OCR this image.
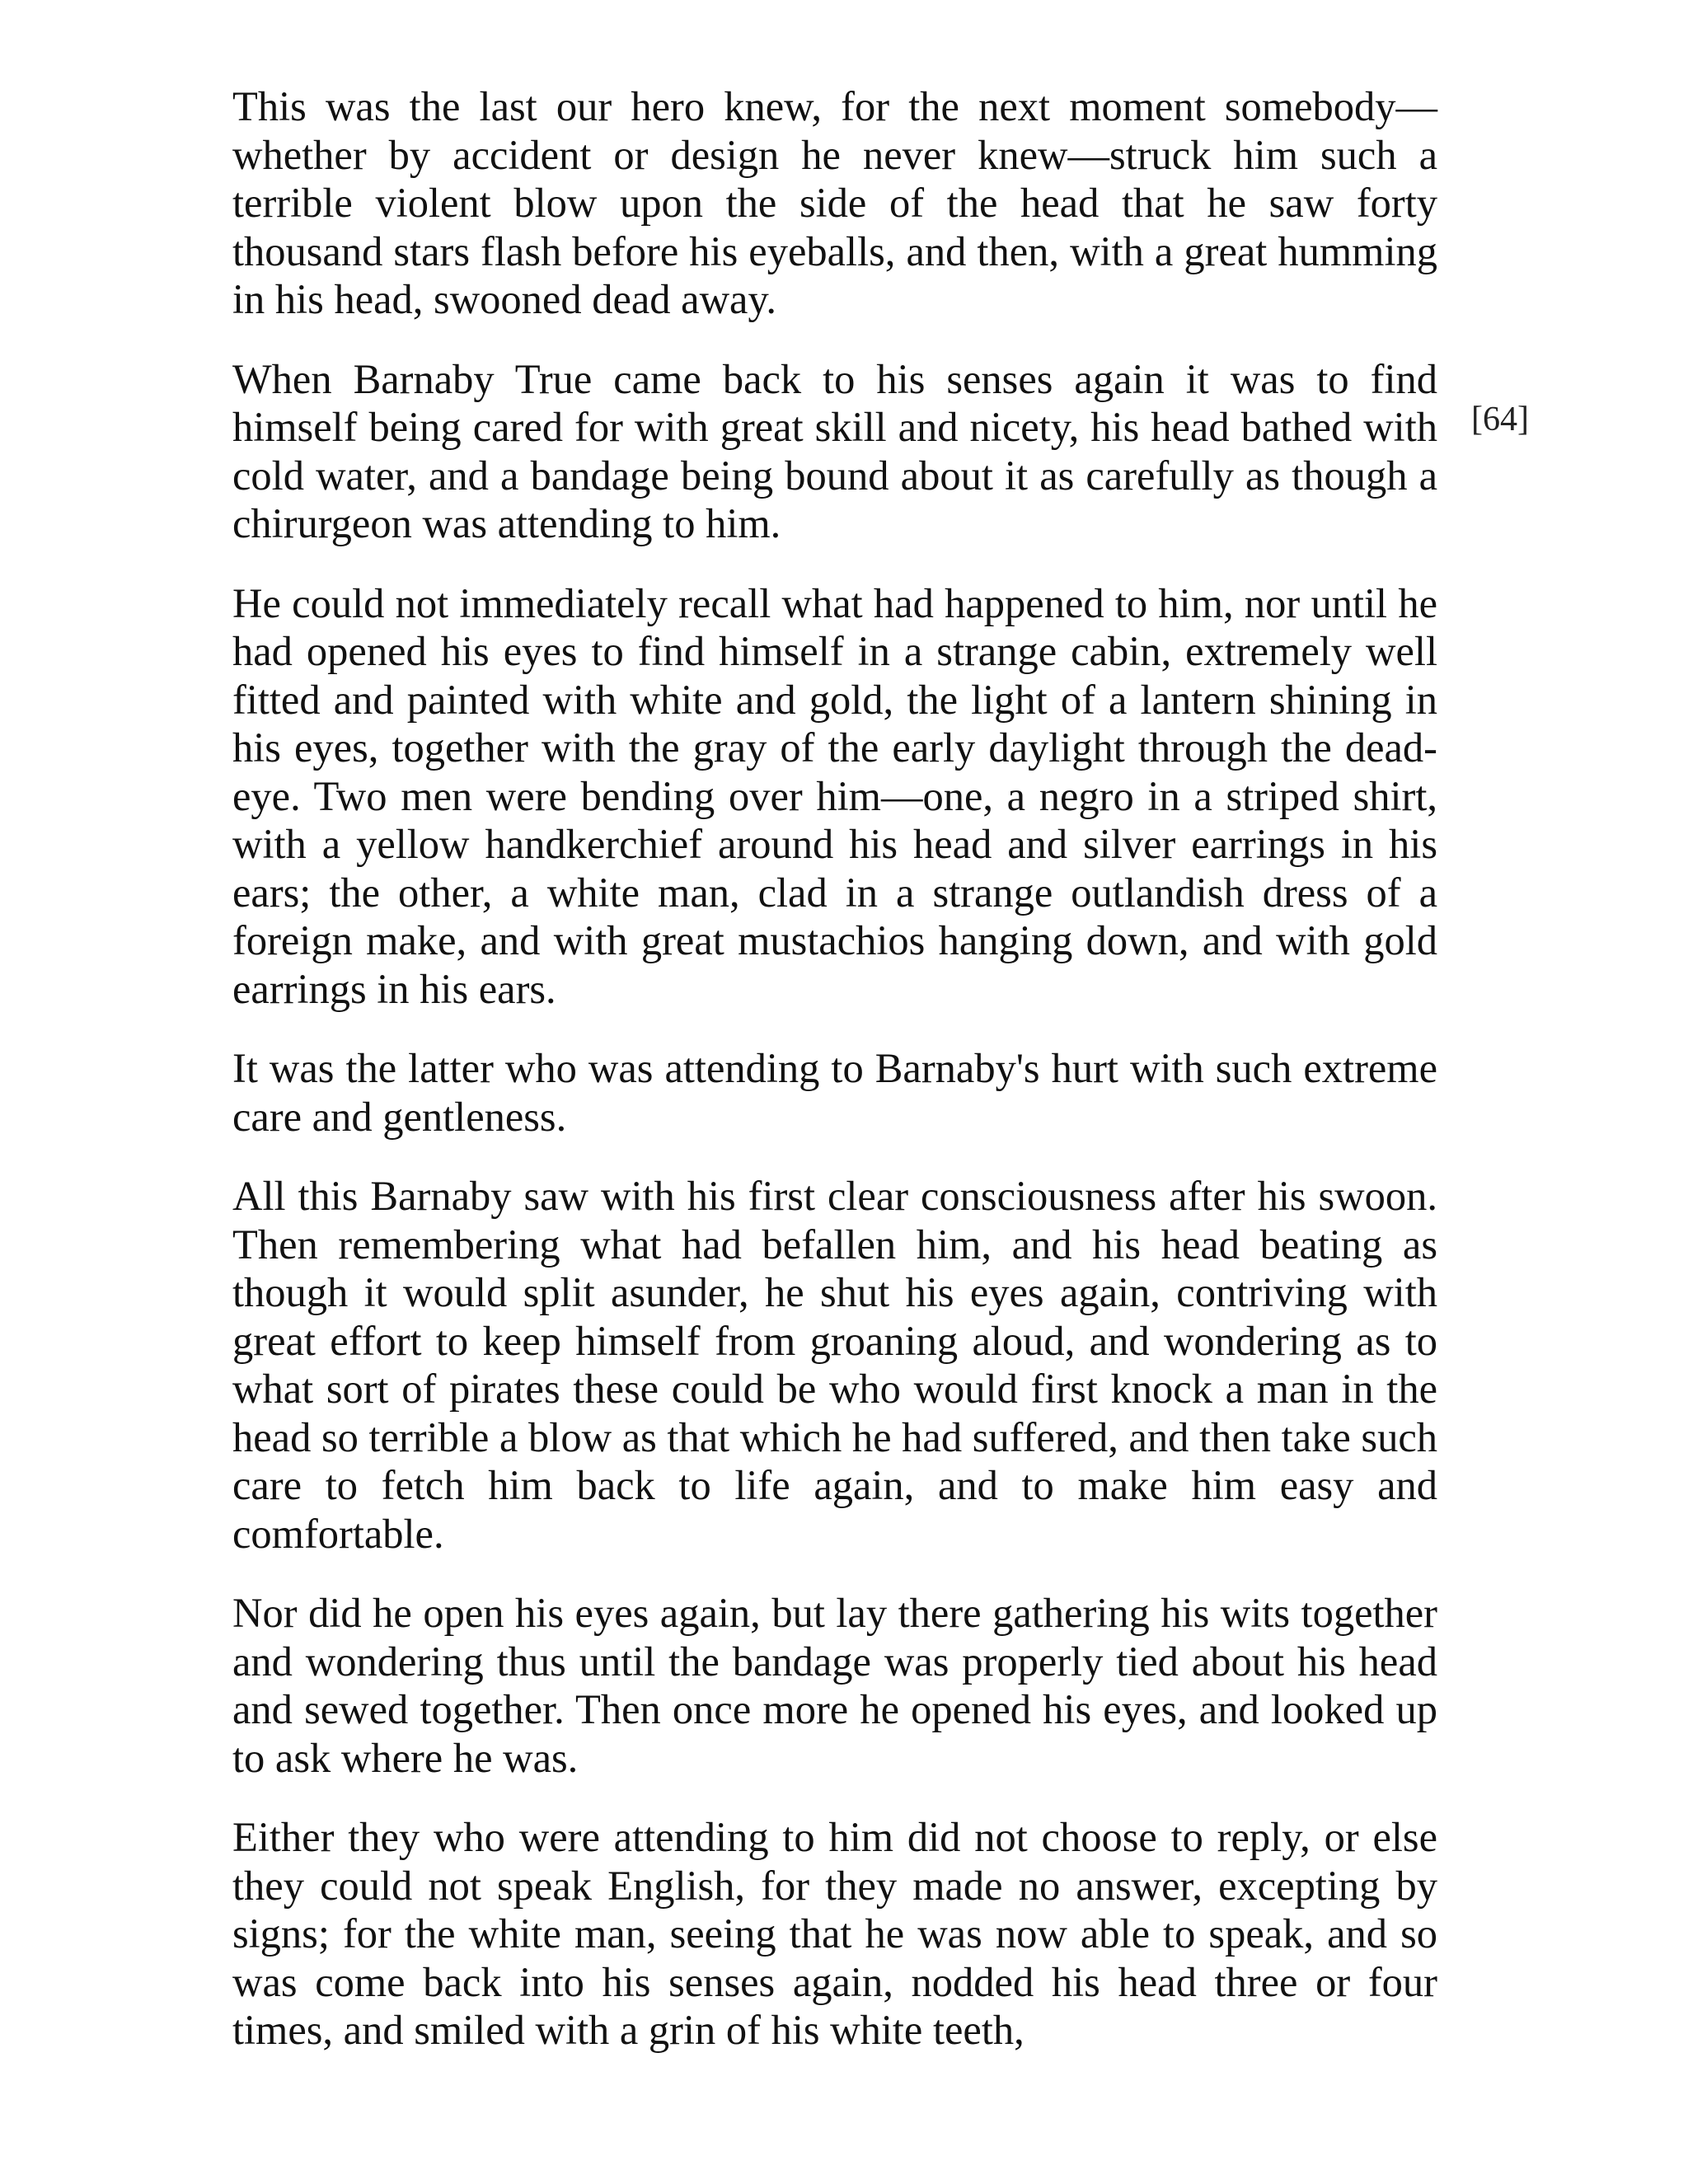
This was the last our hero knew, for the next moment somebody—whether by accident or design he never knew—struck him such a terrible violent blow upon the side of the head that he saw forty thousand stars flash before his eyeballs, and then, with a great humming in his head, swooned dead away.

When Barnaby True came back to his senses again it was to find himself being cared for with great skill and nicety, his head bathed with cold water, and a bandage being bound about it as carefully as though a chirurgeon was attending to him.

He could not immediately recall what had happened to him, nor until he had opened his eyes to find himself in a strange cabin, extremely well fitted and painted with white and gold, the light of a lantern shining in his eyes, together with the gray of the early daylight through the dead-eye. Two men were bending over him—one, a negro in a striped shirt, with a yellow handkerchief around his head and silver earrings in his ears; the other, a white man, clad in a strange outlandish dress of a foreign make, and with great mustachios hanging down, and with gold earrings in his ears.

It was the latter who was attending to Barnaby's hurt with such extreme care and gentleness.

All this Barnaby saw with his first clear consciousness after his swoon. Then remembering what had befallen him, and his head beating as though it would split asunder, he shut his eyes again, contriving with great effort to keep himself from groaning aloud, and wondering as to what sort of pirates these could be who would first knock a man in the head so terrible a blow as that which he had suffered, and then take such care to fetch him back to life again, and to make him easy and comfortable.

Nor did he open his eyes again, but lay there gathering his wits together and wondering thus until the bandage was properly tied about his head and sewed together. Then once more he opened his eyes, and looked up to ask where he was.

Either they who were attending to him did not choose to reply, or else they could not speak English, for they made no answer, excepting by signs; for the white man, seeing that he was now able to speak, and so was come back into his senses again, nodded his head three or four times, and smiled with a grin of his white teeth,

[64]
